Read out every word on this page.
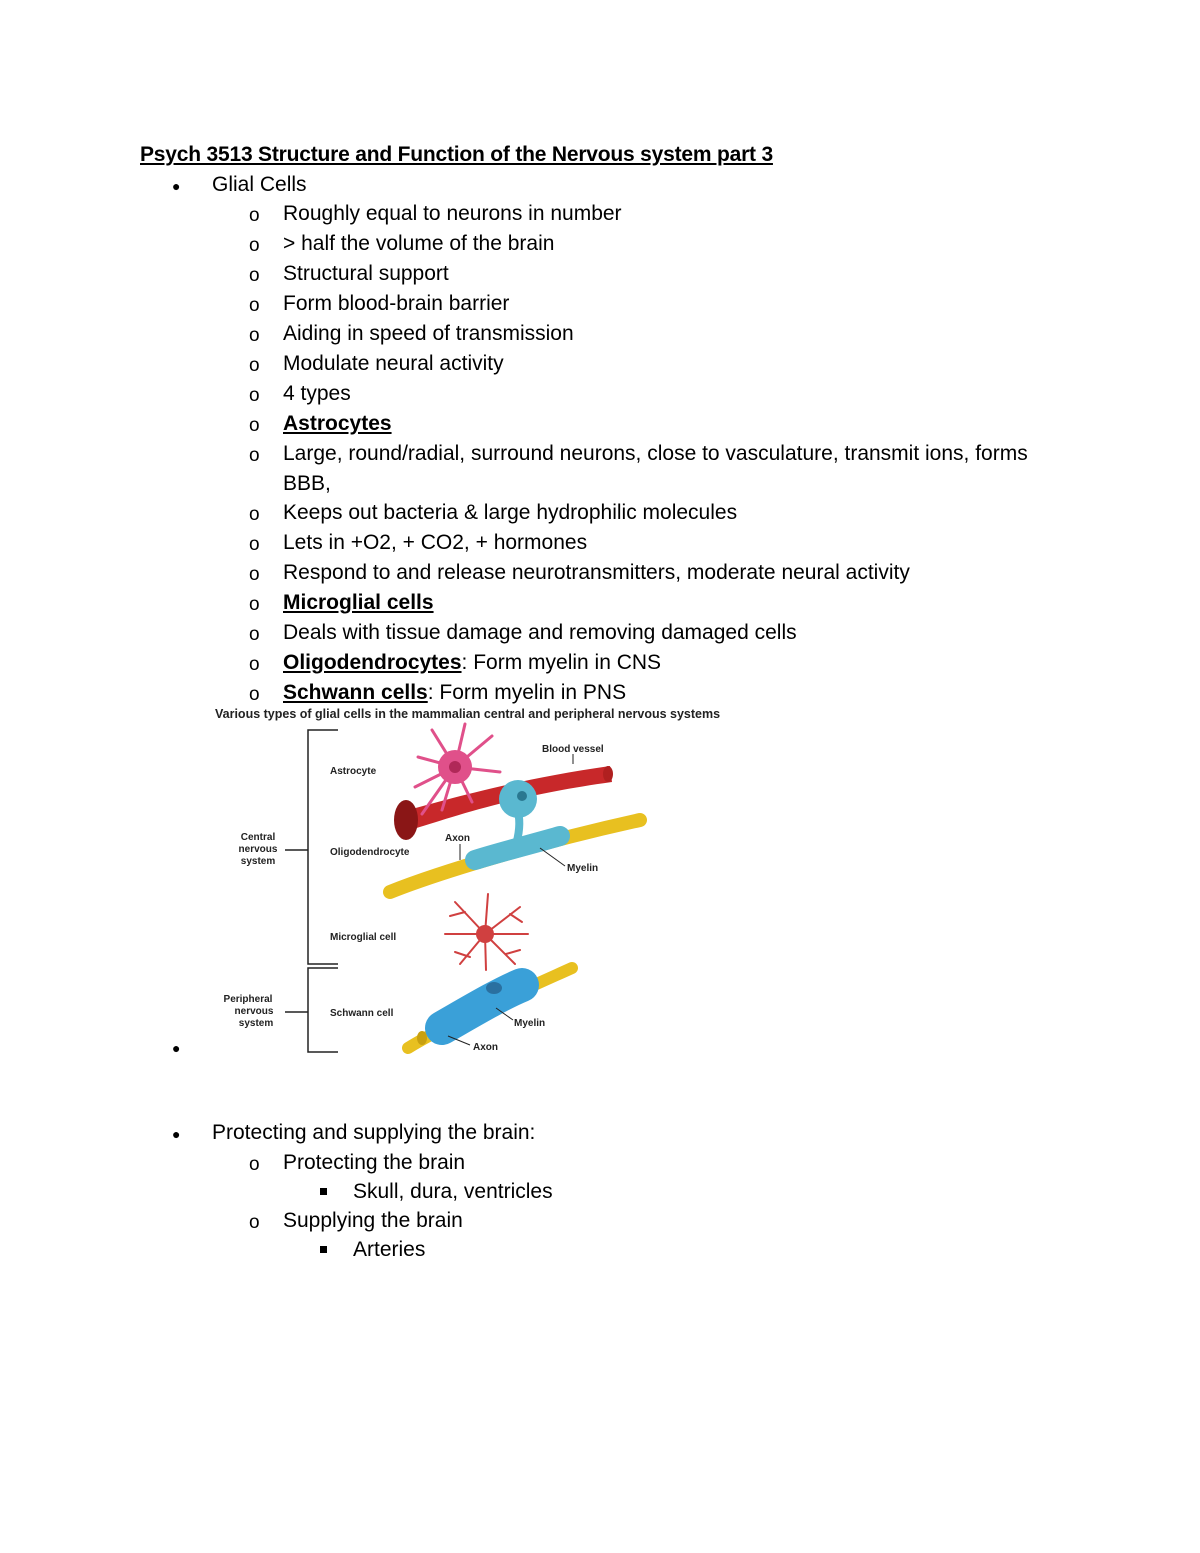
Psych 3513 Structure and Function of the Nervous system part 3
● Glial Cells
o Roughly equal to neurons in number
o > half the volume of the brain
o Structural support
o Form blood-brain barrier
o Aiding in speed of transmission
o Modulate neural activity
o 4 types
o Astrocytes
o Large, round/radial, surround neurons, close to vasculature, transmit ions, forms
BBB,
o Keeps out bacteria & large hydrophilic molecules
o Lets in +O2, + CO2, + hormones
o Respond to and release neurotransmitters, moderate neural activity
o Microglial cells
o Deals with tissue damage and removing damaged cells
o Oligodendrocytes: Form myelin in CNS
o Schwann cells: Form myelin in PNS
Various types of glial cells in the mammalian central and peripheral nervous systems
Central
nervous
system
Peripheral
nervous
system
Astrocyte
Blood vessel
Oligodendrocyte
Axon
Myelin
Microglial cell
Schwann cell
Myelin
Axon
●
● Protecting and supplying the brain:
o Protecting the brain
Skull, dura, ventricles
o Supplying the brain
Arteries
